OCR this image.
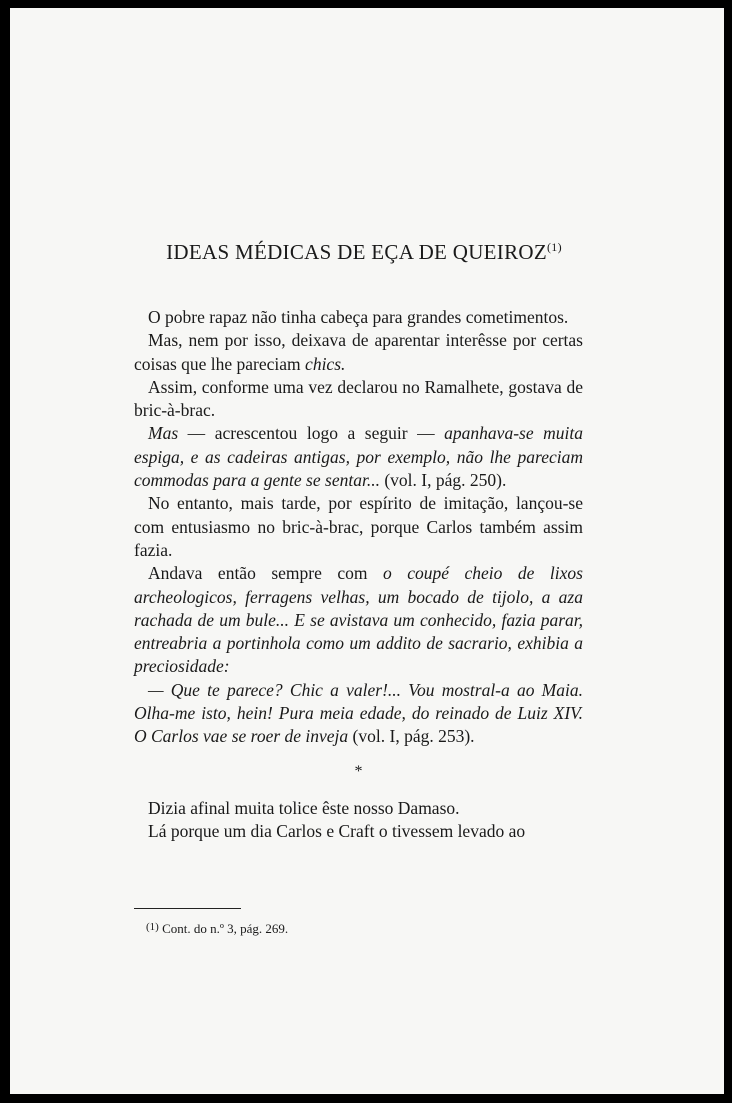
IDEAS MÉDICAS DE EÇA DE QUEIROZ$^{(1)}$

O pobre rapaz não tinha cabeça para grandes cometimentos.

Mas, nem por isso, deixava de aparentar interêsse por certas coisas que lhe pareciam chics.

Assim, conforme uma vez declarou no Ramalhete, gostava de bric-à-brac.

Mas — acrescentou logo a seguir — apanhava-se muita espiga, e as cadeiras antigas, por exemplo, não lhe pareciam commodas para a gente se sentar... (vol. I, pág. 250).

No entanto, mais tarde, por espírito de imitação, lançou-se com entusiasmo no bric-à-brac, porque Carlos também assim fazia.

Andava então sempre com o coupé cheio de lixos archeologicos, ferragens velhas, um bocado de tijolo, a aza rachada de um bule... E se avistava um conhecido, fazia parar, entreabria a portinhola como um addito de sacrario, exhibia a preciosidade:

— Que te parece? Chic a valer!... Vou mostral-a ao Maia. Olha-me isto, hein! Pura meia edade, do reinado de Luiz XIV. O Carlos vae se roer de inveja (vol. I, pág. 253).

*

Dizia afinal muita tolice êste nosso Damaso.

Lá porque um dia Carlos e Craft o tivessem levado ao

$^{(1)}$ Cont. do n.º 3, pág. 269.
